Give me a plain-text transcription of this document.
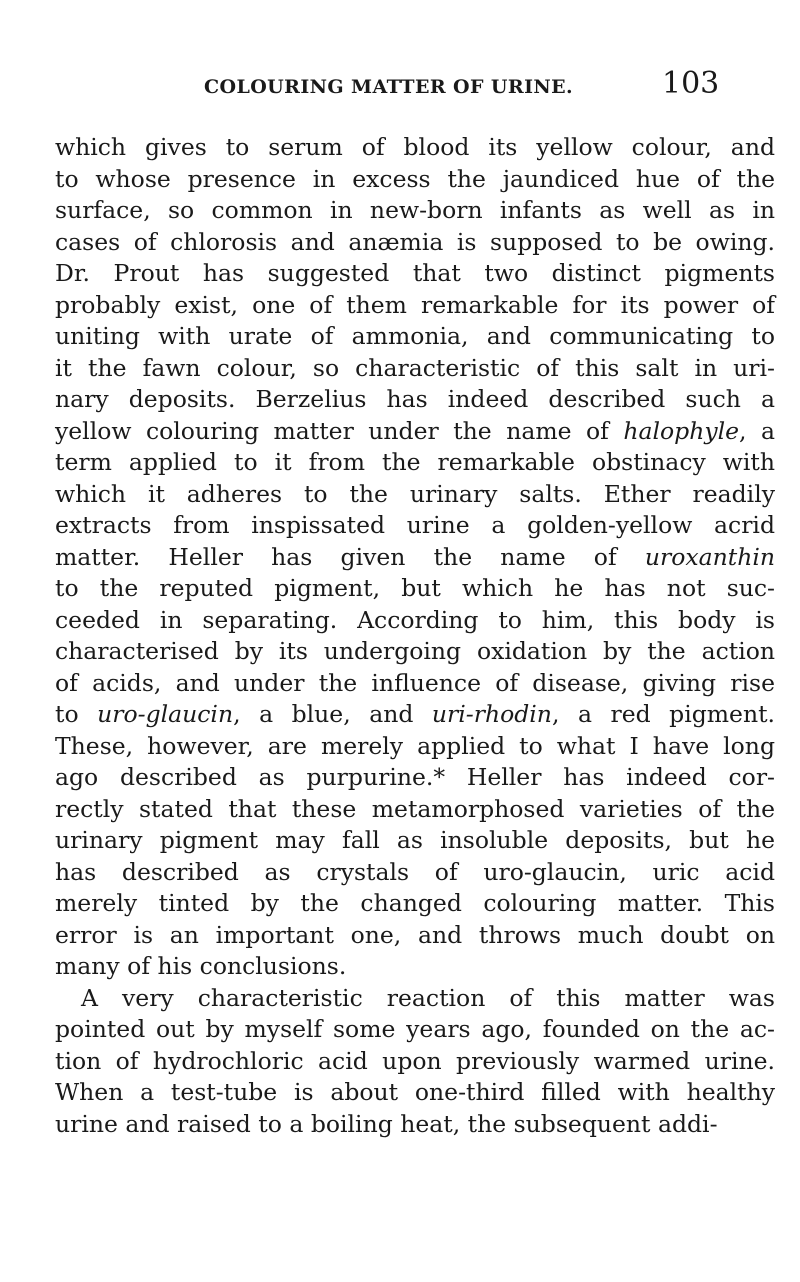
COLOURING MATTER OF URINE.	103
which gives to serum of blood its yellow colour, and
to whose presence in excess the jaundiced hue of the
surface, so common in new-born infants as well as in
cases of chlorosis and anæmia is supposed to be owing.
Dr. Prout has suggested that two distinct pigments
probably exist, one of them remarkable for its power of
uniting with urate of ammonia, and communicating to
it the fawn colour, so characteristic of this salt in uri-
nary deposits. Berzelius has indeed described such a
yellow colouring matter under the name of halophyle, a
term applied to it from the remarkable obstinacy with
which it adheres to the urinary salts. Ether readily
extracts from inspissated urine a golden-yellow acrid
matter. Heller has given the name of uroxanthin
to the reputed pigment, but which he has not suc-
ceeded in separating. According to him, this body is
characterised by its undergoing oxidation by the action
of acids, and under the influence of disease, giving rise
to uro-glaucin, a blue, and uri-rhodin, a red pigment.
These, however, are merely applied to what I have long
ago described as purpurine.* Heller has indeed cor-
rectly stated that these metamorphosed varieties of the
urinary pigment may fall as insoluble deposits, but he
has described as crystals of uro-glaucin, uric acid
merely tinted by the changed colouring matter. This
error is an important one, and throws much doubt on
many of his conclusions.
A very characteristic reaction of this matter was
pointed out by myself some years ago, founded on the ac-
tion of hydrochloric acid upon previously warmed urine.
When a test-tube is about one-third filled with healthy
urine and raised to a boiling heat, the subsequent addi-
